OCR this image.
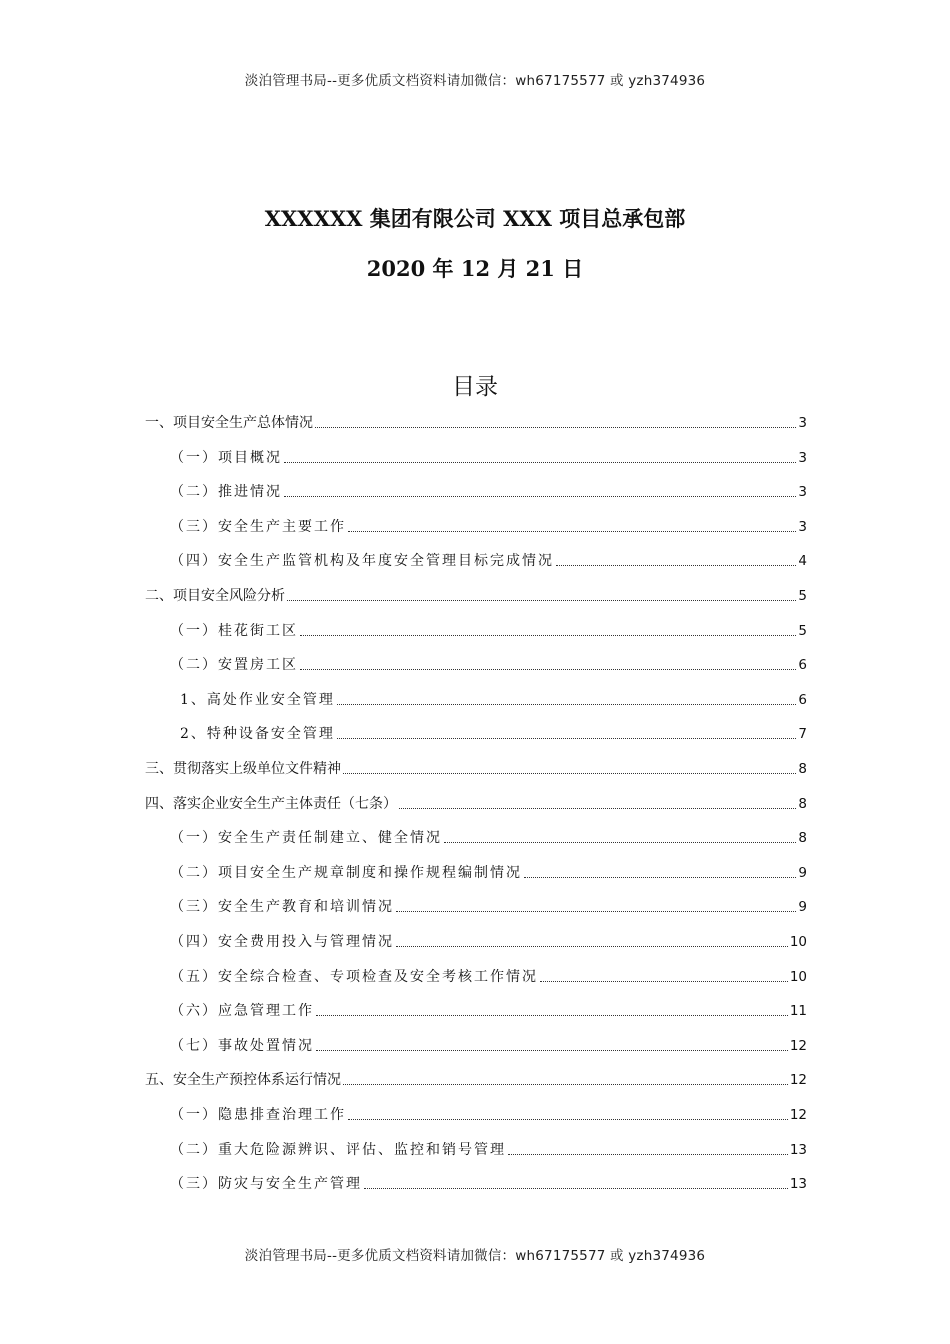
淡泊管理书局--更多优质文档资料请加微信：wh67175577 或 yzh374936
XXXXXX 集团有限公司 XXX 项目总承包部
2020 年 12 月 21 日
目录
一、项目安全生产总体情况	3
（一）项目概况	3
（二）推进情况	3
（三）安全生产主要工作	3
（四）安全生产监管机构及年度安全管理目标完成情况	4
二、项目安全风险分析	5
（一）桂花街工区	5
（二）安置房工区	6
1、高处作业安全管理	6
2、特种设备安全管理	7
三、贯彻落实上级单位文件精神	8
四、落实企业安全生产主体责任（七条）	8
（一）安全生产责任制建立、健全情况	8
（二）项目安全生产规章制度和操作规程编制情况	9
（三）安全生产教育和培训情况	9
（四）安全费用投入与管理情况	10
（五）安全综合检查、专项检查及安全考核工作情况	10
（六）应急管理工作	11
（七）事故处置情况	12
五、安全生产预控体系运行情况	12
（一）隐患排查治理工作	12
（二）重大危险源辨识、评估、监控和销号管理	13
（三）防灾与安全生产管理	13
淡泊管理书局--更多优质文档资料请加微信：wh67175577 或 yzh374936
